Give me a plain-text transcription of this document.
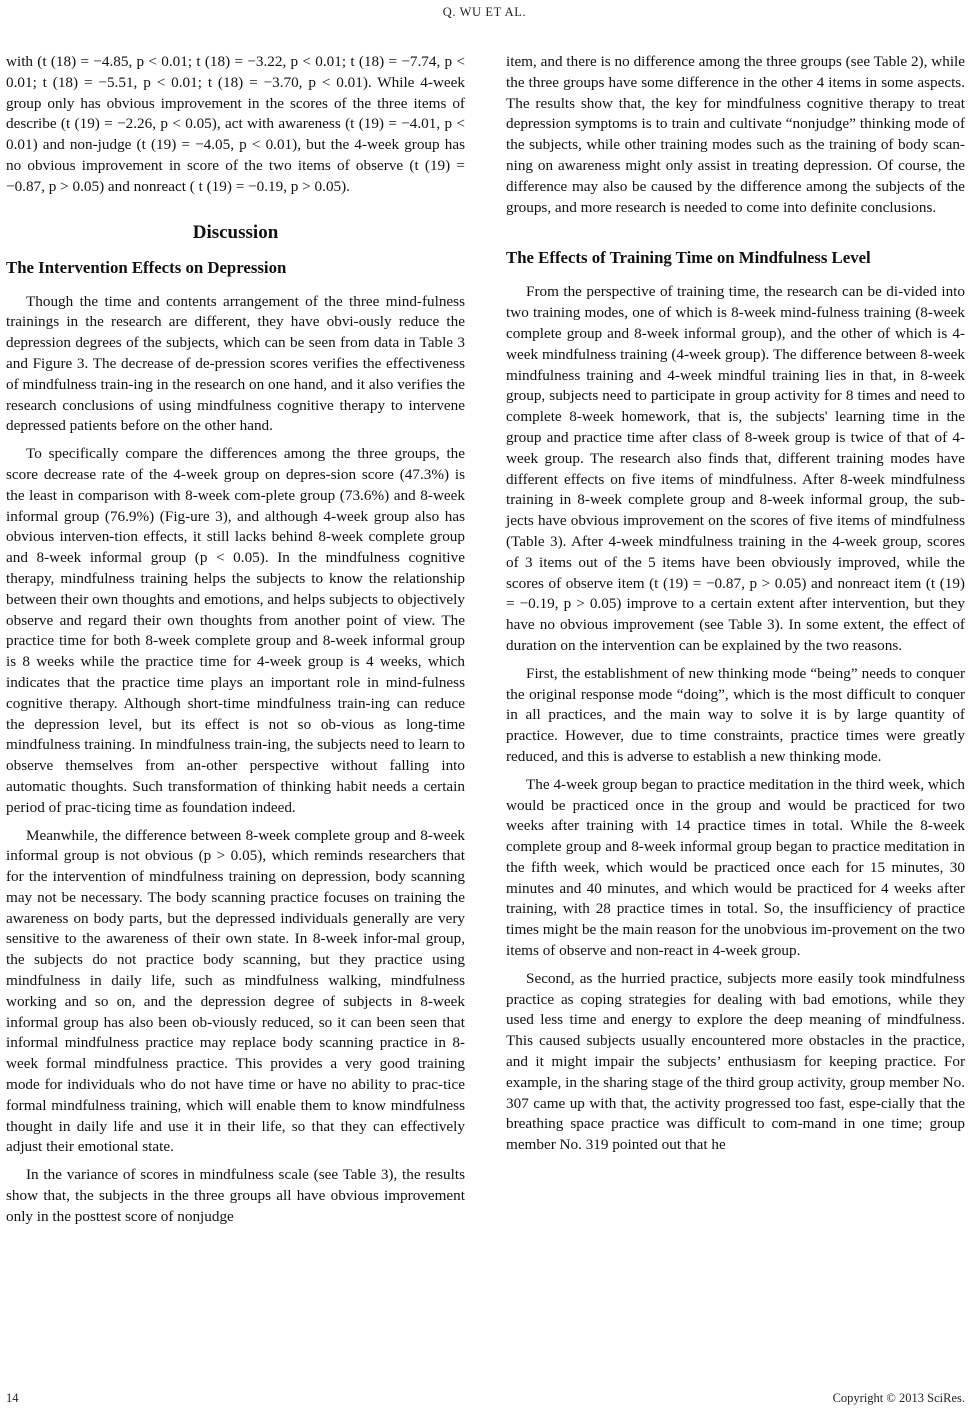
Q. WU ET AL.

with (t (18) = −4.85, p < 0.01; t (18) = −3.22, p < 0.01; t (18) = −7.74, p < 0.01; t (18) = −5.51, p < 0.01; t (18) = −3.70, p < 0.01). While 4-week group only has obvious improvement in the scores of the three items of describe (t (19) = −2.26, p < 0.05), act with awareness (t (19) = −4.01, p < 0.01) and non-judge (t (19) = −4.05, p < 0.01), but the 4-week group has no obvious improvement in score of the two items of observe (t (19) = −0.87, p > 0.05) and nonreact ( t (19) = −0.19, p > 0.05).

Discussion
The Intervention Effects on Depression

Though the time and contents arrangement of the three mind-fulness trainings in the research are different, they have obvi-ously reduce the depression degrees of the subjects, which can be seen from data in Table 3 and Figure 3. The decrease of de-pression scores verifies the effectiveness of mindfulness train-ing in the research on one hand, and it also verifies the research conclusions of using mindfulness cognitive therapy to intervene depressed patients before on the other hand.

To specifically compare the differences among the three groups, the score decrease rate of the 4-week group on depres-sion score (47.3%) is the least in comparison with 8-week com-plete group (73.6%) and 8-week informal group (76.9%) (Fig-ure 3), and although 4-week group also has obvious interven-tion effects, it still lacks behind 8-week complete group and 8-week informal group (p < 0.05). In the mindfulness cognitive therapy, mindfulness training helps the subjects to know the relationship between their own thoughts and emotions, and helps subjects to objectively observe and regard their own thoughts from another point of view. The practice time for both 8-week complete group and 8-week informal group is 8 weeks while the practice time for 4-week group is 4 weeks, which indicates that the practice time plays an important role in mind-fulness cognitive therapy. Although short-time mindfulness train-ing can reduce the depression level, but its effect is not so ob-vious as long-time mindfulness training. In mindfulness train-ing, the subjects need to learn to observe themselves from an-other perspective without falling into automatic thoughts. Such transformation of thinking habit needs a certain period of prac-ticing time as foundation indeed.

Meanwhile, the difference between 8-week complete group and 8-week informal group is not obvious (p > 0.05), which reminds researchers that for the intervention of mindfulness training on depression, body scanning may not be necessary. The body scanning practice focuses on training the awareness on body parts, but the depressed individuals generally are very sensitive to the awareness of their own state. In 8-week infor-mal group, the subjects do not practice body scanning, but they practice using mindfulness in daily life, such as mindfulness walking, mindfulness working and so on, and the depression degree of subjects in 8-week informal group has also been ob-viously reduced, so it can been seen that informal mindfulness practice may replace body scanning practice in 8-week formal mindfulness practice. This provides a very good training mode for individuals who do not have time or have no ability to prac-tice formal mindfulness training, which will enable them to know mindfulness thought in daily life and use it in their life, so that they can effectively adjust their emotional state.

In the variance of scores in mindfulness scale (see Table 3), the results show that, the subjects in the three groups all have obvious improvement only in the posttest score of nonjudge

item, and there is no difference among the three groups (see Table 2), while the three groups have some difference in the other 4 items in some aspects. The results show that, the key for mindfulness cognitive therapy to treat depression symptoms is to train and cultivate “nonjudge” thinking mode of the subjects, while other training modes such as the training of body scan-ning on awareness might only assist in treating depression. Of course, the difference may also be caused by the difference among the subjects of the groups, and more research is needed to come into definite conclusions.

The Effects of Training Time on Mindfulness Level

From the perspective of training time, the research can be di-vided into two training modes, one of which is 8-week mind-fulness training (8-week complete group and 8-week informal group), and the other of which is 4-week mindfulness training (4-week group). The difference between 8-week mindfulness training and 4-week mindful training lies in that, in 8-week group, subjects need to participate in group activity for 8 times and need to complete 8-week homework, that is, the subjects' learning time in the group and practice time after class of 8-week group is twice of that of 4-week group. The research also finds that, different training modes have different effects on five items of mindfulness. After 8-week mindfulness training in 8-week complete group and 8-week informal group, the sub-jects have obvious improvement on the scores of five items of mindfulness (Table 3). After 4-week mindfulness training in the 4-week group, scores of 3 items out of the 5 items have been obviously improved, while the scores of observe item (t (19) = −0.87, p > 0.05) and nonreact item (t (19) = −0.19, p > 0.05) improve to a certain extent after intervention, but they have no obvious improvement (see Table 3). In some extent, the effect of duration on the intervention can be explained by the two reasons.

First, the establishment of new thinking mode “being” needs to conquer the original response mode “doing”, which is the most difficult to conquer in all practices, and the main way to solve it is by large quantity of practice. However, due to time constraints, practice times were greatly reduced, and this is adverse to establish a new thinking mode.

The 4-week group began to practice meditation in the third week, which would be practiced once in the group and would be practiced for two weeks after training with 14 practice times in total. While the 8-week complete group and 8-week informal group began to practice meditation in the fifth week, which would be practiced once each for 15 minutes, 30 minutes and 40 minutes, and which would be practiced for 4 weeks after training, with 28 practice times in total. So, the insufficiency of practice times might be the main reason for the unobvious im-provement on the two items of observe and non-react in 4-week group.

Second, as the hurried practice, subjects more easily took mindfulness practice as coping strategies for dealing with bad emotions, while they used less time and energy to explore the deep meaning of mindfulness. This caused subjects usually encountered more obstacles in the practice, and it might impair the subjects’ enthusiasm for keeping practice. For example, in the sharing stage of the third group activity, group member No. 307 came up with that, the activity progressed too fast, espe-cially that the breathing space practice was difficult to com-mand in one time; group member No. 319 pointed out that he

14	Copyright © 2013 SciRes.
